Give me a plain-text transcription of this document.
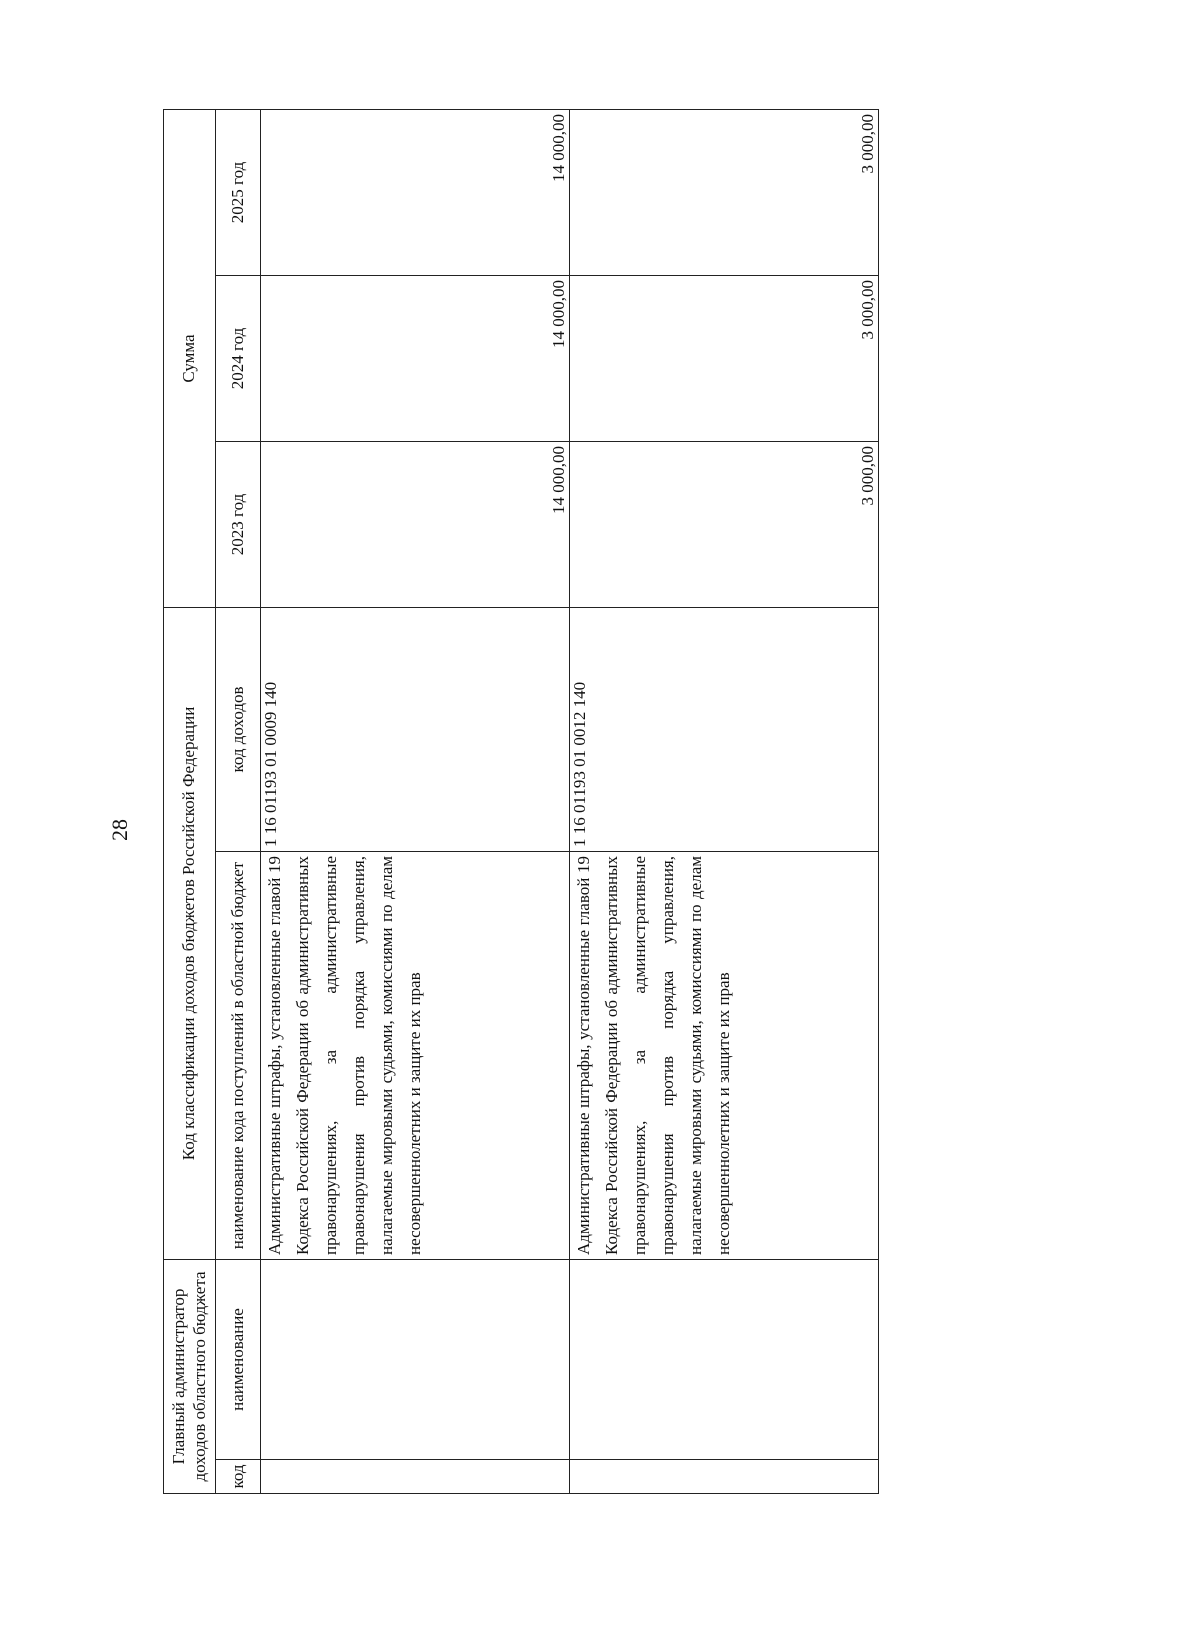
28
Главный администратор доходов областного бюджета		Код классификации доходов бюджетов Российской Федерации		Сумма		
код	наименование	наименование кода поступлений в областной бюджет	код доходов	2023 год	2024 год	2025 год
		Административные штрафы, установленные главой 19 Кодекса Российской Федерации об административных правонарушениях, за административные правонарушения против порядка управления, налагаемые мировыми судьями, комиссиями по делам несовершеннолетних и защите их прав	1 16 01193 01 0009 140	14 000,00	14 000,00	14 000,00
		Административные штрафы, установленные главой 19 Кодекса Российской Федерации об административных правонарушениях, за административные правонарушения против порядка управления, налагаемые мировыми судьями, комиссиями по делам несовершеннолетних и защите их прав	1 16 01193 01 0012 140	3 000,00	3 000,00	3 000,00
